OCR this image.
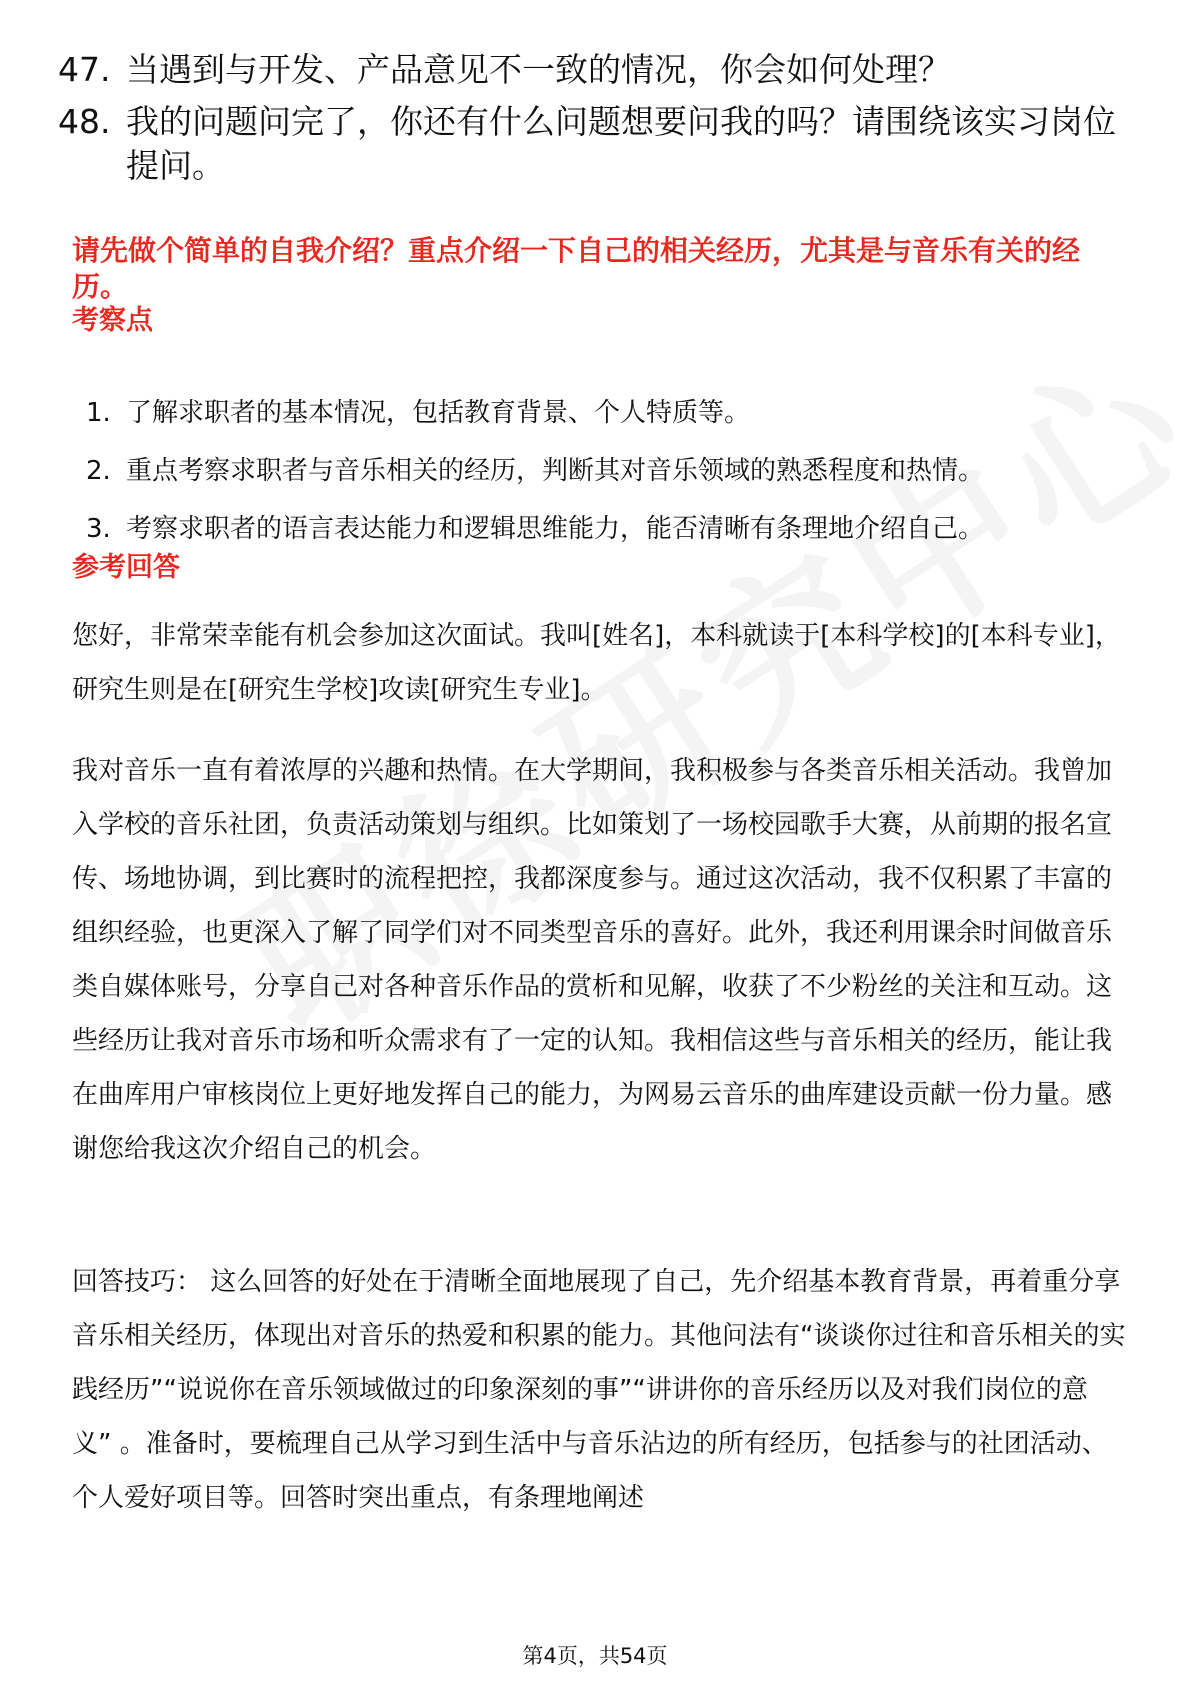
47. 当遇到与开发、产品意见不一致的情况，你会如何处理？
48. 我的问题问完了，你还有什么问题想要问我的吗？请围绕该实习岗位提问。
请先做个简单的自我介绍？重点介绍一下自己的相关经历，尤其是与音乐有关的经历。
考察点
1. 了解求职者的基本情况，包括教育背景、个人特质等。
2. 重点考察求职者与音乐相关的经历，判断其对音乐领域的熟悉程度和热情。
3. 考察求职者的语言表达能力和逻辑思维能力，能否清晰有条理地介绍自己。
参考回答
您好，非常荣幸能有机会参加这次面试。我叫[姓名]，本科就读于[本科学校]的[本科专业]，研究生则是在[研究生学校]攻读[研究生专业]。
我对音乐一直有着浓厚的兴趣和热情。在大学期间，我积极参与各类音乐相关活动。我曾加入学校的音乐社团，负责活动策划与组织。比如策划了一场校园歌手大赛，从前期的报名宣传、场地协调，到比赛时的流程把控，我都深度参与。通过这次活动，我不仅积累了丰富的组织经验，也更深入了解了同学们对不同类型音乐的喜好。此外，我还利用课余时间做音乐类自媒体账号，分享自己对各种音乐作品的赏析和见解，收获了不少粉丝的关注和互动。这些经历让我对音乐市场和听众需求有了一定的认知。我相信这些与音乐相关的经历，能让我在曲库用户审核岗位上更好地发挥自己的能力，为网易云音乐的曲库建设贡献一份力量。感谢您给我这次介绍自己的机会。
回答技巧： 这么回答的好处在于清晰全面地展现了自己，先介绍基本教育背景，再着重分享音乐相关经历，体现出对音乐的热爱和积累的能力。其他问法有“谈谈你过往和音乐相关的实践经历”“说说你在音乐领域做过的印象深刻的事”“讲讲你的音乐经历以及对我们岗位的意义” 。准备时，要梳理自己从学习到生活中与音乐沾边的所有经历，包括参与的社团活动、个人爱好项目等。回答时突出重点，有条理地阐述
第4页，共54页
